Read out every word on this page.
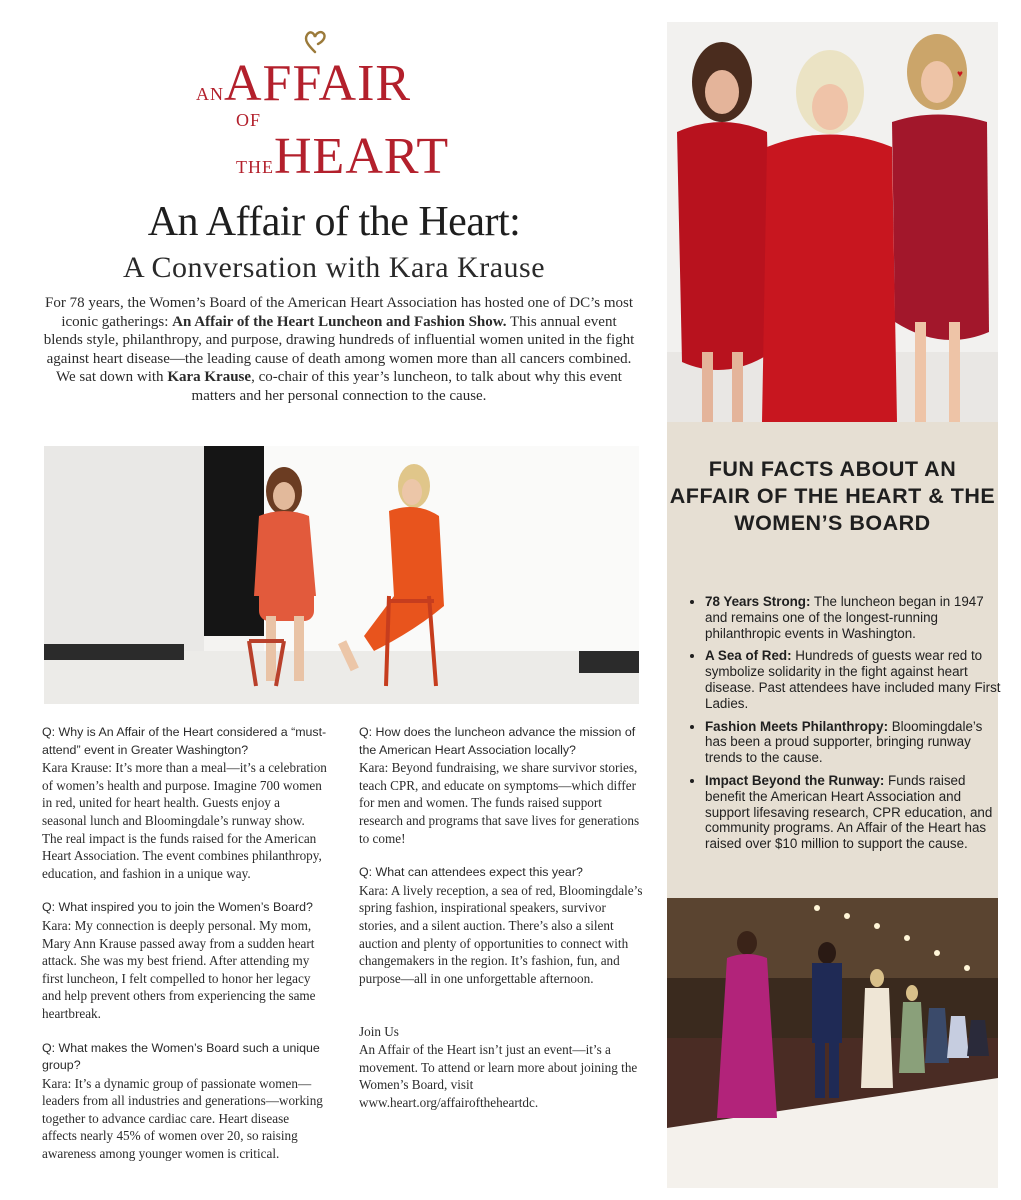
ANAFFAIR
OF THEHEART
An Affair of the Heart:
A Conversation with Kara Krause
For 78 years, the Women’s Board of the American Heart Association has hosted one of DC’s most iconic gatherings: An Affair of the Heart Luncheon and Fashion Show. This annual event blends style, philanthropy, and purpose, drawing hundreds of influential women united in the fight against heart disease—the leading cause of death among women more than all cancers combined. We sat down with Kara Krause, co-chair of this year’s luncheon, to talk about why this event matters and her personal connection to the cause.
Q: Why is An Affair of the Heart considered a “must-attend” event in Greater Washington?
Kara Krause: It’s more than a meal—it’s a celebration of women’s health and purpose. Imagine 700 women in red, united for heart health. Guests enjoy a seasonal lunch and Bloomingdale’s runway show. The real impact is the funds raised for the American Heart Association. The event combines philanthropy, education, and fashion in a unique way.
Q: What inspired you to join the Women’s Board?
Kara: My connection is deeply personal. My mom, Mary Ann Krause passed away from a sudden heart attack. She was my best friend. After attending my first luncheon, I felt compelled to honor her legacy and help prevent others from experiencing the same heartbreak.
Q: What makes the Women’s Board such a unique group?
Kara: It’s a dynamic group of passionate women—leaders from all industries and generations—working together to advance cardiac care. Heart disease affects nearly 45% of women over 20, so raising awareness among younger women is critical.
Q: How does the luncheon advance the mission of the American Heart Association locally?
Kara: Beyond fundraising, we share survivor stories, teach CPR, and educate on symptoms—which differ for men and women. The funds raised support research and programs that save lives for generations to come!
Q: What can attendees expect this year?
Kara: A lively reception, a sea of red, Bloomingdale’s spring fashion, inspirational speakers, survivor stories, and a silent auction. There’s also a silent auction and plenty of opportunities to connect with changemakers in the region. It’s fashion, fun, and purpose—all in one unforgettable afternoon.
Join Us
An Affair of the Heart isn’t just an event—it’s a movement. To attend or learn more about joining the Women’s Board, visit www.heart.org/affairoftheheartdc.
♥
FUN FACTS ABOUT AN AFFAIR OF THE HEART & THE WOMEN’S BOARD
• 78 Years Strong: The luncheon began in 1947 and remains one of the longest-running philanthropic events in Washington.
• A Sea of Red: Hundreds of guests wear red to symbolize solidarity in the fight against heart disease. Past attendees have included many First Ladies.
• Fashion Meets Philanthropy: Bloomingdale’s has been a proud supporter, bringing runway trends to the cause.
• Impact Beyond the Runway: Funds raised benefit the American Heart Association and support lifesaving research, CPR education, and community programs. An Affair of the Heart has raised over $10 million to support the cause.
